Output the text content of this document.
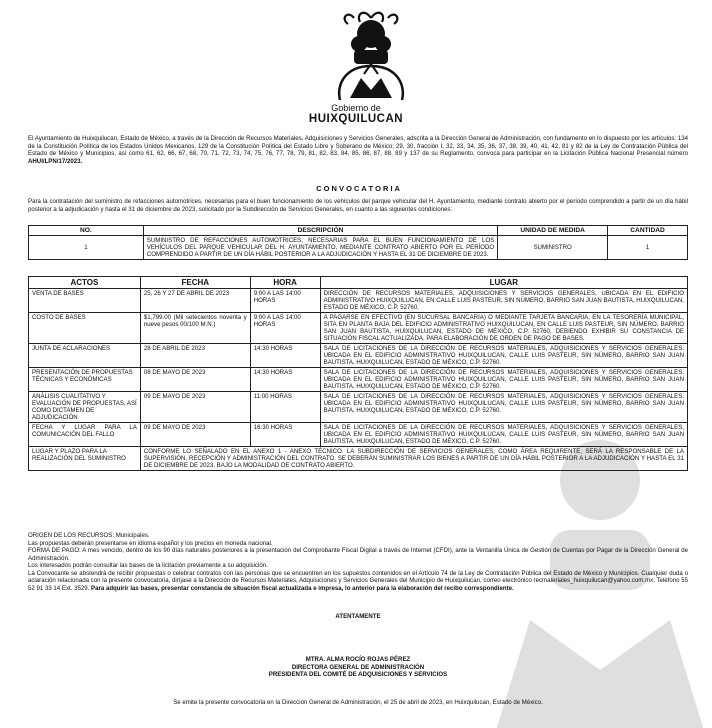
Gobierno de
HUIXQUILUCAN
El Ayuntamiento de Huixquilucan, Estado de México, a través de la Dirección de Recursos Materiales, Adquisiciones y Servicios Generales, adscrita a la Dirección General de Administración, con fundamento en lo dispuesto por los artículos: 134 de la Constitución Política de los Estados Unidos Mexicanos, 129 de la Constitución Política del Estado Libre y Soberano de México; 29, 30, fracción I, 32, 33, 34, 35, 36, 37, 38, 39, 40, 41, 42, 81 y 82 de la Ley de Contratación Pública del Estado de México y Municipios, así como 61, 62, 66, 67, 68, 70, 71, 72, 73, 74, 75, 76, 77, 78, 79, 81, 82, 83, 84, 85, 86, 87, 88, 89 y 137 de su Reglamento, convoca para participar en la Licitación Pública Nacional Presencial número AHUI/LPN/17/2023.
C O N V O C A T O R I A
Para la contratación del suministro de refacciones automotrices, necesarias para el buen funcionamiento de los vehículos del parque vehicular del H. Ayuntamiento, mediante contrato abierto por el período comprendido a partir de un día hábil posterior a la adjudicación y hasta el 31 de diciembre de 2023, solicitado por la Subdirección de Servicios Generales, en cuanto a las siguientes condiciones:
NO.	DESCRIPCIÓN	UNIDAD DE MEDIDA	CANTIDAD
1	SUMINISTRO DE REFACCIONES AUTOMOTRICES, NECESARIAS PARA EL BUEN FUNCIONAMIENTO DE LOS VEHÍCULOS DEL PARQUE VEHICULAR DEL H. AYUNTAMIENTO, MEDIANTE CONTRATO ABIERTO POR EL PERÍODO COMPRENDIDO A PARTIR DE UN DÍA HÁBIL POSTERIOR A LA ADJUDICACIÓN Y HASTA EL 31 DE DICIEMBRE DE 2023.	SUMINISTRO	1
ACTOS	FECHA	HORA	LUGAR
VENTA DE BASES	25, 26 Y 27 DE ABRIL DE 2023	9:00 A LAS 14:00 HORAS	DIRECCIÓN DE RECURSOS MATERIALES, ADQUISICIONES Y SERVICIOS GENERALES, UBICADA EN EL EDIFICIO ADMINISTRATIVO HUIXQUILUCAN, EN CALLE LUIS PASTEUR, SIN NÚMERO, BARRIO SAN JUAN BAUTISTA, HUIXQUILUCAN, ESTADO DE MÉXICO, C.P. 52760.
COSTO DE BASES	$1,799.00 (Mil setecientos noventa y nueve pesos 00/100 M.N.)	9:00 A LAS 14:00 HORAS	A PAGARSE EN EFECTIVO (EN SUCURSAL BANCARIA) O MEDIANTE TARJETA BANCARIA, EN LA TESORERÍA MUNICIPAL, SITA EN PLANTA BAJA DEL EDIFICIO ADMINISTRATIVO HUIXQUILUCAN, EN CALLE LUIS PASTEUR, SIN NÚMERO, BARRIO SAN JUAN BAUTISTA, HUIXQUILUCAN, ESTADO DE MÉXICO, C.P. 52760, DEBIENDO EXHIBIR SU CONSTANCIA DE SITUACIÓN FISCAL ACTUALIZADA, PARA ELABORACIÓN DE ORDEN DE PAGO DE BASES.
JUNTA DE ACLARACIONES	28 DE ABRIL DE 2023	14:30 HORAS	SALA DE LICITACIONES DE LA DIRECCIÓN DE RECURSOS MATERIALES, ADQUISICIONES Y SERVICIOS GENERALES, UBICADA EN EL EDIFICIO ADMINISTRATIVO HUIXQUILUCAN, CALLE LUIS PASTEUR, SIN NÚMERO, BARRIO SAN JUAN BAUTISTA, HUIXQUILUCAN, ESTADO DE MÉXICO, C.P. 52760.
PRESENTACIÓN DE PROPUESTAS TÉCNICAS Y ECONÓMICAS	08 DE MAYO DE 2023	14:30 HORAS	SALA DE LICITACIONES DE LA DIRECCIÓN DE RECURSOS MATERIALES, ADQUISICIONES Y SERVICIOS GENERALES, UBICADA EN EL EDIFICIO ADMINISTRATIVO HUIXQUILUCAN, CALLE LUIS PASTEUR, SIN NÚMERO, BARRIO SAN JUAN BAUTISTA, HUIXQUILUCAN, ESTADO DE MÉXICO, C.P. 52760.
ANÁLISIS CUALITATIVO Y EVALUACIÓN DE PROPUESTAS, ASÍ COMO DICTAMEN DE ADJUDICACIÓN	09 DE MAYO DE 2023	11:00 HORAS	SALA DE LICITACIONES DE LA DIRECCIÓN DE RECURSOS MATERIALES, ADQUISICIONES Y SERVICIOS GENERALES, UBICADA EN EL EDIFICIO ADMINISTRATIVO HUIXQUILUCAN, CALLE LUIS PASTEUR, SIN NÚMERO, BARRIO SAN JUAN BAUTISTA, HUIXQUILUCAN, ESTADO DE MÉXICO, C.P. 52760.
FECHA Y LUGAR PARA LA COMUNICACIÓN DEL FALLO	09 DE MAYO DE 2023	16:30 HORAS	SALA DE LICITACIONES DE LA DIRECCIÓN DE RECURSOS MATERIALES, ADQUISICIONES Y SERVICIOS GENERALES, UBICADA EN EL EDIFICIO ADMINISTRATIVO HUIXQUILUCAN, CALLE LUIS PASTEUR, SIN NÚMERO, BARRIO SAN JUAN BAUTISTA, HUIXQUILUCAN, ESTADO DE MÉXICO, C.P. 52760.
LUGAR Y PLAZO PARA LA REALIZACIÓN DEL SUMINISTRO	CONFORME LO SEÑALADO EN EL ANEXO 1 - ANEXO TÉCNICO. LA SUBDIRECCIÓN DE SERVICIOS GENERALES, COMO ÁREA REQUIRENTE, SERÁ LA RESPONSABLE DE LA SUPERVISIÓN, RECEPCIÓN Y ADMINISTRACIÓN DEL CONTRATO. SE DEBERÁN SUMINISTRAR LOS BIENES A PARTIR DE UN DÍA HÁBIL POSTERIOR A LA ADJUDICACIÓN Y HASTA EL 31 DE DICIEMBRE DE 2023, BAJO LA MODALIDAD DE CONTRATO ABIERTO.		
ORIGEN DE LOS RECURSOS: Municipales.
Las propuestas deberán presentarse en idioma español y los precios en moneda nacional.
FORMA DE PAGO: A mes vencido, dentro de los 90 días naturales posteriores a la presentación del Comprobante Fiscal Digital a través de Internet (CFDI), ante la Ventanilla Única de Gestión de Cuentas por Pagar de la Dirección General de Administración.
Los interesados podrán consultar las bases de la licitación previamente a su adquisición.
La Convocante se abstendrá de recibir propuestas o celebrar contratos con las personas que se encuentren en los supuestos contenidos en el Artículo 74 de la Ley de Contratación Pública del Estado de México y Municipios. Cualquier duda o aclaración relacionada con la presente convocatoria, diríjase a la Dirección de Recursos Materiales, Adquisiciones y Servicios Generales del Municipio de Huixquilucan, correo electrónico recmateriales_huixquilucan@yahoo.com.mx. Teléfono 55 52 91 33 14 Ext. 3529. Para adquirir las bases, presentar constancia de situación fiscal actualizada e impresa, lo anterior para la elaboración del recibo correspondiente.
ATENTAMENTE
MTRA. ALMA ROCÍO ROJAS PÉREZ
DIRECTORA GENERAL DE ADMINISTRACIÓN
PRESIDENTA DEL COMITÉ DE ADQUISICIONES Y SERVICIOS
Se emite la presente convocatoria en la Dirección General de Administración, el 25 de abril de 2023, en Huixquilucan, Estado de México.
